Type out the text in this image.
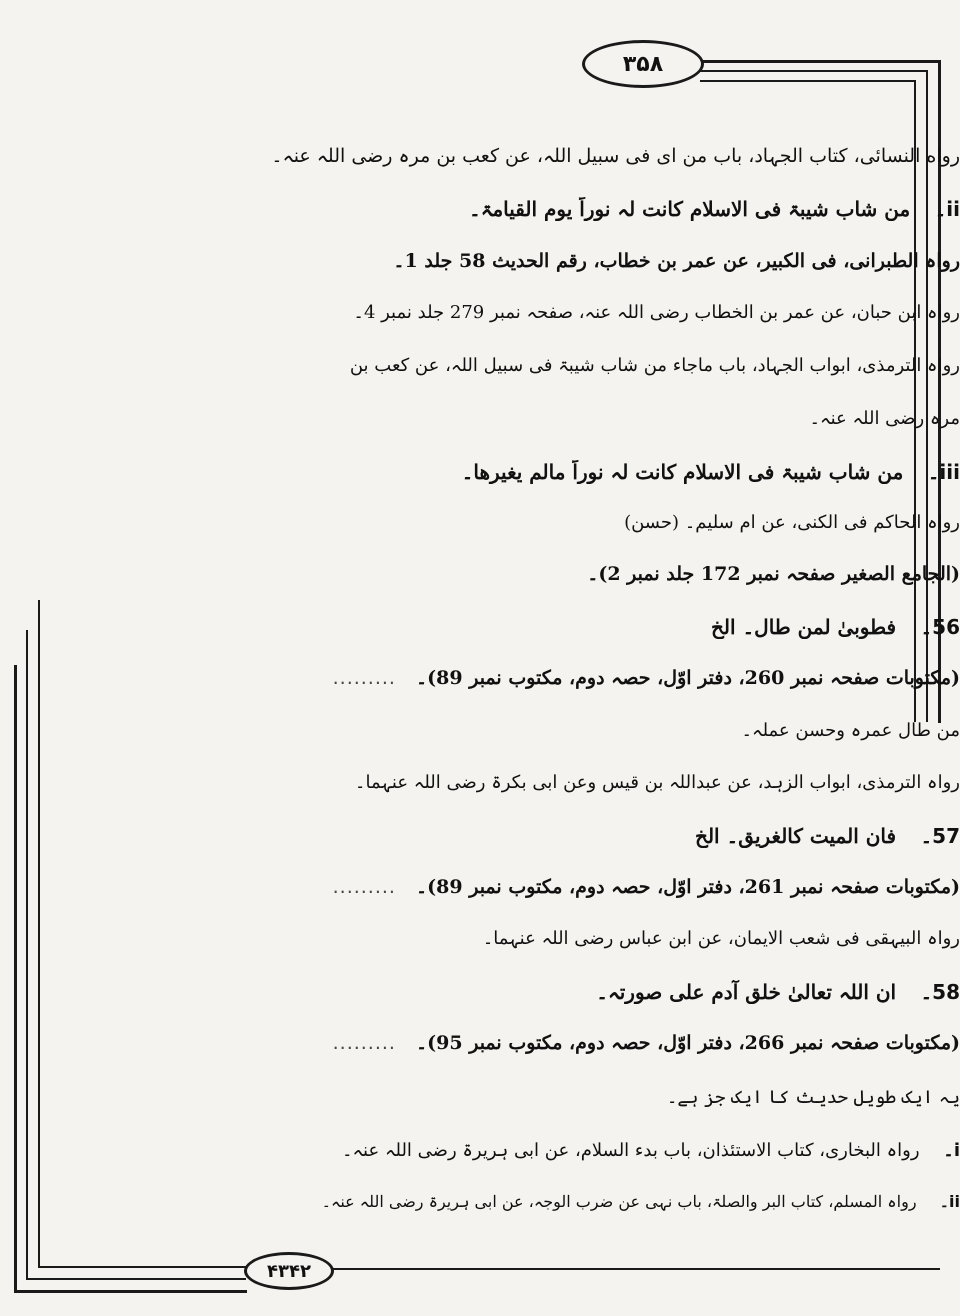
۳۵۸
۴۳۴۲
رواه النسائی، کتاب الجہاد، باب من ای فی سبیل اللہ، عن کعب بن مرہ رضی اللہ عنہ۔
ii۔ من شاب شیبۃ فی الاسلام کانت لہ نوراً یوم القیامۃ۔
رواہ الطبرانی، فی الکبیر، عن عمر بن خطاب، رقم الحدیث 58 جلد 1۔
رواہ ابن حبان، عن عمر بن الخطاب رضی اللہ عنہ، صفحہ نمبر 279 جلد نمبر 4۔
رواہ الترمذی، ابواب الجہاد، باب ماجاء من شاب شیبۃ فی سبیل اللہ، عن کعب بن
مرہ رضی اللہ عنہ۔
iii۔ من شاب شیبۃ فی الاسلام کانت لہ نوراً مالم یغیرھا۔
رواہ الحاکم فی الکنی، عن ام سلیم۔ (حسن)
(الجامع الصغیر صفحہ نمبر 172 جلد نمبر 2)۔
56۔ فطوبیٰ لمن طال۔ الخ
(مکتوبات صفحہ نمبر 260، دفتر اوّل، حصہ دوم، مکتوب نمبر 89)۔ .........
من طال عمرہ وحسن عملہ۔
رواہ الترمذی، ابواب الزہد، عن عبداللہ بن قیس وعن ابی بکرۃ رضی اللہ عنہما۔
57۔ فان المیت کالغریق۔ الخ
(مکتوبات صفحہ نمبر 261، دفتر اوّل، حصہ دوم، مکتوب نمبر 89)۔ .........
رواہ البیہقی فی شعب الایمان، عن ابن عباس رضی اللہ عنہما۔
58۔ ان اللہ تعالیٰ خلق آدم علی صورتہ۔
(مکتوبات صفحہ نمبر 266، دفتر اوّل، حصہ دوم، مکتوب نمبر 95)۔ .........
یہ ایک طویل حدیث کا ایک جز ہے۔
i۔ رواہ البخاری، کتاب الاستئذان، باب بدء السلام، عن ابی ہریرۃ رضی اللہ عنہ۔
ii۔ رواہ المسلم، کتاب البر والصلۃ، باب نہی عن ضرب الوجہ، عن ابی ہریرۃ رضی اللہ عنہ۔
